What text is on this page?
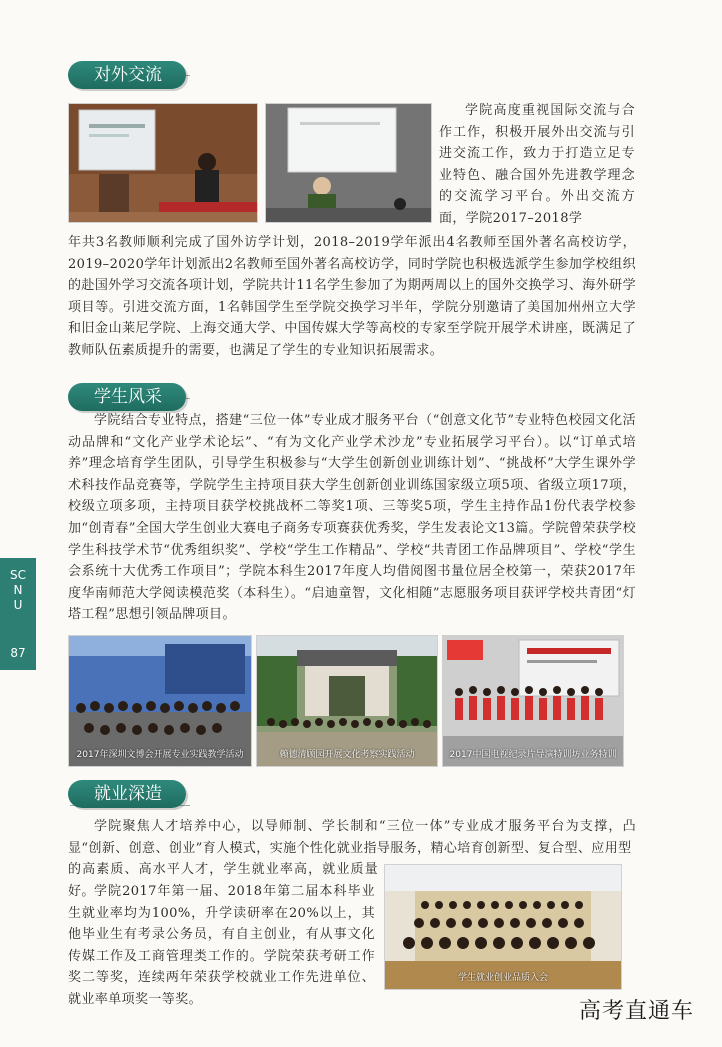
对外交流

学院高度重视国际交流与合作工作，积极开展外出交流与引进交流工作，致力于打造立足专业特色、融合国外先进教学理念的交流学习平台。外出交流方面，学院2017–2018学

年共3名教师顺利完成了国外访学计划，2018–2019学年派出4名教师至国外著名高校访学，2019–2020学年计划派出2名教师至国外著名高校访学，同时学院也积极选派学生参加学校组织的赴国外学习交流各项计划，学院共计11名学生参加了为期两周以上的国外交换学习、海外研学项目等。引进交流方面，1名韩国学生至学院交换学习半年，学院分别邀请了美国加州州立大学和旧金山莱尼学院、上海交通大学、中国传媒大学等高校的专家至学院开展学术讲座，既满足了教师队伍素质提升的需要，也满足了学生的专业知识拓展需求。

学生风采

学院结合专业特点，搭建“三位一体”专业成才服务平台（“创意文化节”专业特色校园文化活动品牌和“文化产业学术论坛”、“有为文化产业学术沙龙”专业拓展学习平台）。以“订单式培养”理念培育学生团队，引导学生积极参与“大学生创新创业训练计划”、“挑战杯”大学生课外学术科技作品竞赛等，学院学生主持项目获大学生创新创业训练国家级立项5项、省级立项17项，校级立项多项，主持项目获学校挑战杯二等奖1项、三等奖5项，学生主持作品1份代表学校参加“创青春”全国大学生创业大赛电子商务专项赛获优秀奖，学生发表论文13篇。学院曾荣获学校学生科技学术节“优秀组织奖”、学校“学生工作精品”、学校“共青团工作品牌项目”、学校“学生会系统十大优秀工作项目”；学院本科生2017年度人均借阅图书量位居全校第一，荣获2017年度华南师范大学阅读模范奖（本科生）。“启迪童智，文化相随”志愿服务项目获评学校共青团“灯塔工程”思想引领品牌项目。

2017年深圳文博会开展专业实践教学活动	赖德清顾园开展文化考察实践活动	2017中国电视纪录片导演特训坊业务特训
就业深造

学院聚焦人才培养中心，以导师制、学长制和“三位一体”专业成才服务平台为支撑，凸显“创新、创意、创业”育人模式，实施个性化就业指导服务，精心培育创新型、复合型、应用型

的高素质、高水平人才，学生就业率高，就业质量好。 学院2017年第一届、2018年第二届本科毕业生就业率均为100%，升学读研率在20%以上，其他毕业生有考录公务员，有自主创业，有从事文化传媒工作及工商管理类工作的。学院荣获考研工作奖二等奖，连续两年荣获学校就业工作先进单位、就业率单项奖一等奖。

学生就业创业品质入会
SCNU
87
高考直通车
